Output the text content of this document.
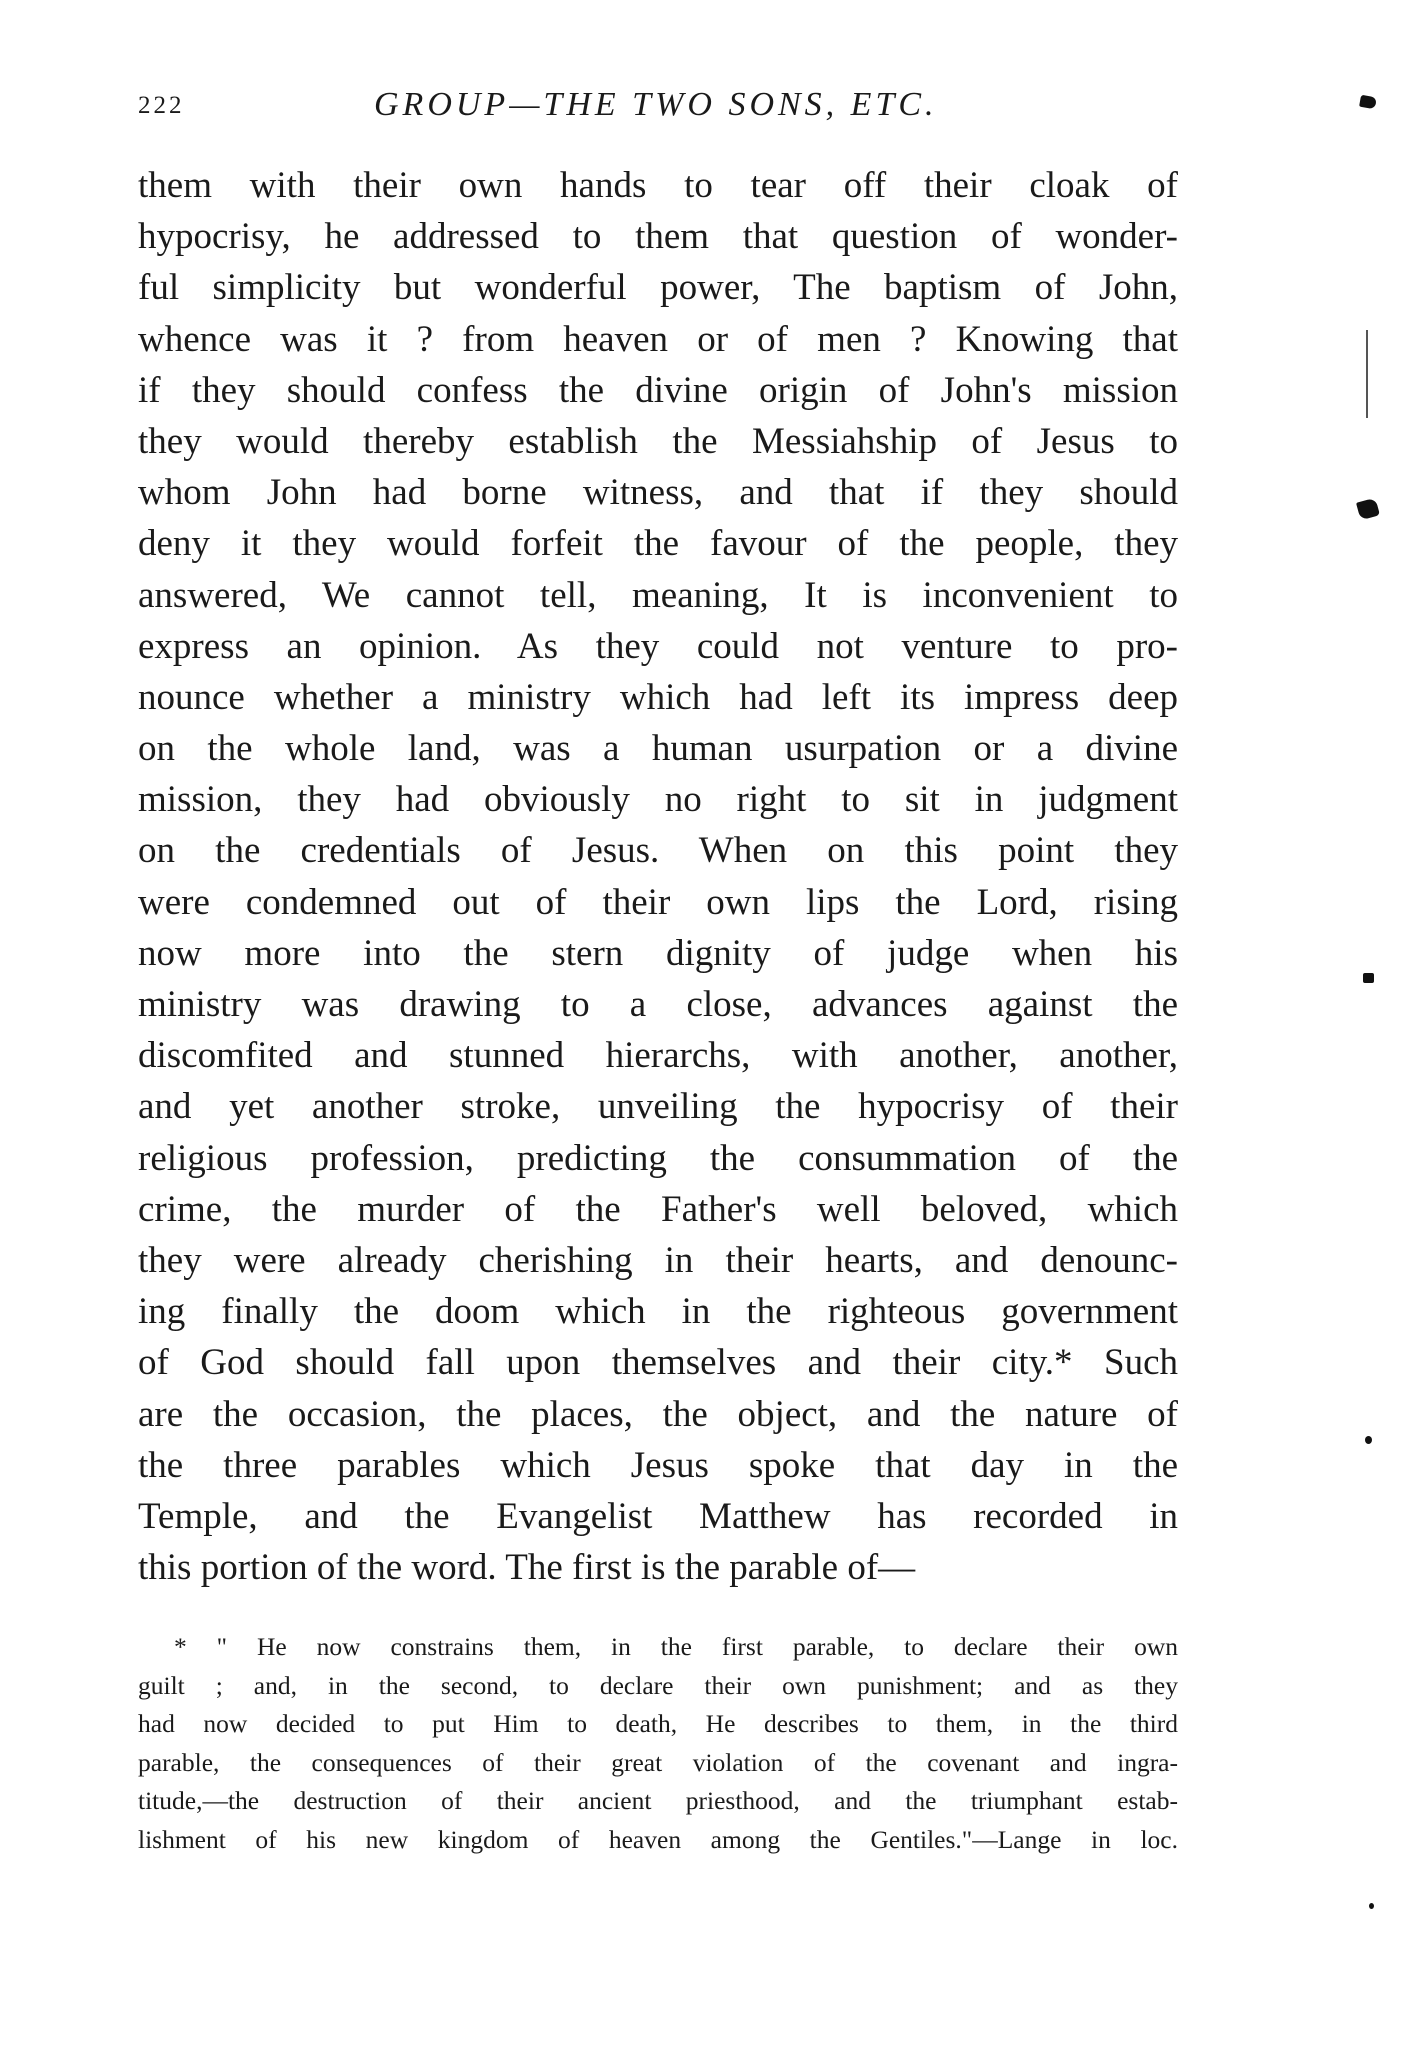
222	GROUP—THE TWO SONS, ETC.
them with their own hands to tear off their cloak of
hypocrisy, he addressed to them that question of wonder-
ful simplicity but wonderful power, The baptism of John,
whence was it ? from heaven or of men ? Knowing that
if they should confess the divine origin of John's mission
they would thereby establish the Messiahship of Jesus to
whom John had borne witness, and that if they should
deny it they would forfeit the favour of the people, they
answered, We cannot tell, meaning, It is inconvenient to
express an opinion. As they could not venture to pro-
nounce whether a ministry which had left its impress deep
on the whole land, was a human usurpation or a divine
mission, they had obviously no right to sit in judgment
on the credentials of Jesus. When on this point they
were condemned out of their own lips the Lord, rising
now more into the stern dignity of judge when his
ministry was drawing to a close, advances against the
discomfited and stunned hierarchs, with another, another,
and yet another stroke, unveiling the hypocrisy of their
religious profession, predicting the consummation of the
crime, the murder of the Father's well beloved, which
they were already cherishing in their hearts, and denounc-
ing finally the doom which in the righteous government
of God should fall upon themselves and their city.* Such
are the occasion, the places, the object, and the nature of
the three parables which Jesus spoke that day in the
Temple, and the Evangelist Matthew has recorded in
this portion of the word. The first is the parable of—
* " He now constrains them, in the first parable, to declare their own
guilt ; and, in the second, to declare their own punishment; and as they
had now decided to put Him to death, He describes to them, in the third
parable, the consequences of their great violation of the covenant and ingra-
titude,—the destruction of their ancient priesthood, and the triumphant estab-
lishment of his new kingdom of heaven among the Gentiles."—Lange in loc.
